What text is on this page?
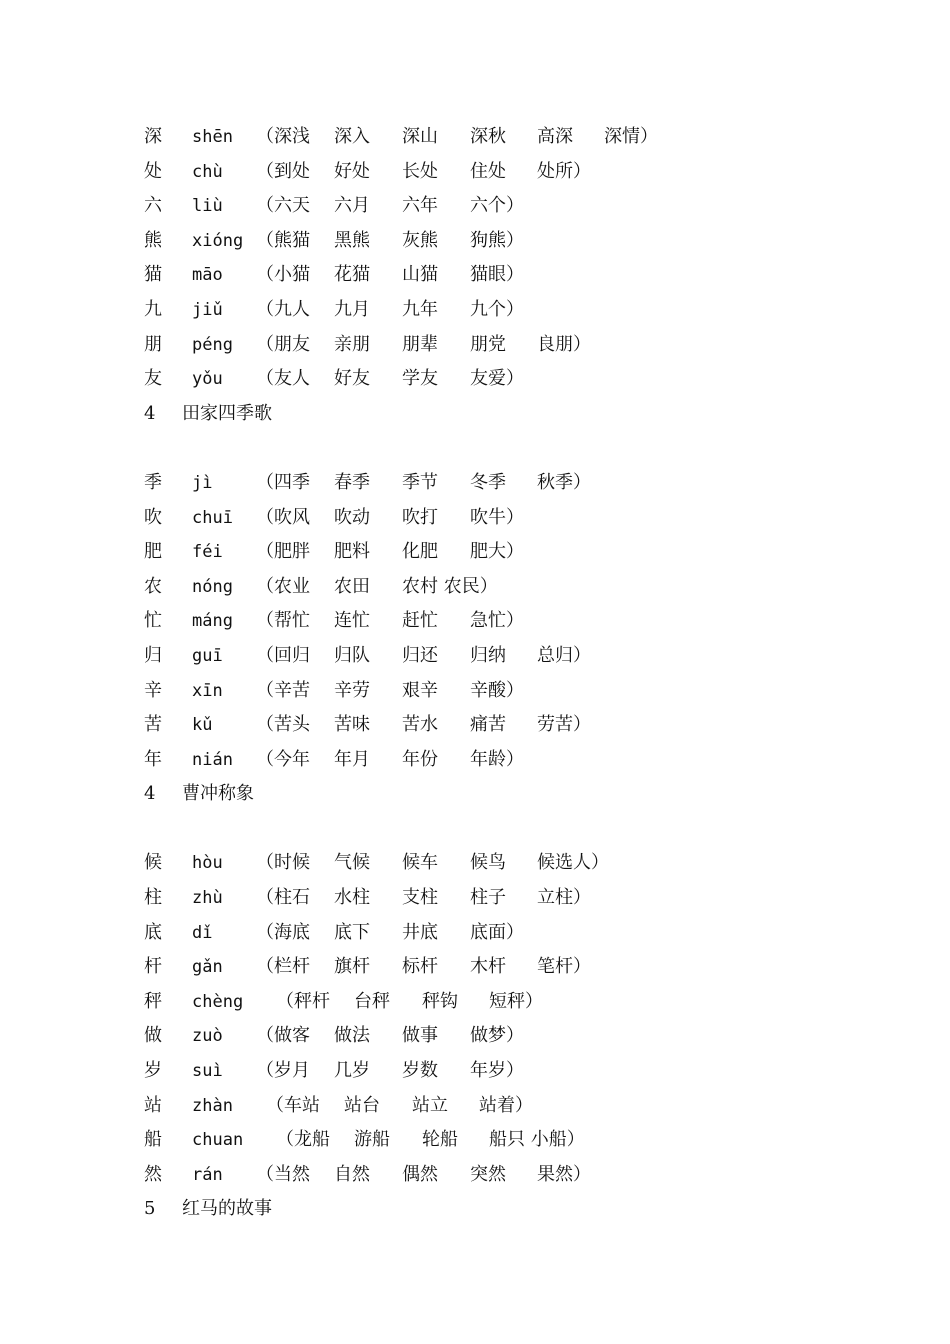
深 shēn （深浅 深入 深山 深秋 高深 深情）
处 chù （到处 好处 长处 住处 处所）
六 liù （六天 六月 六年 六个）
熊 xióng （熊猫 黑熊 灰熊 狗熊）
猫 māo （小猫 花猫 山猫 猫眼）
九 jiǔ （九人 九月 九年 九个）
朋 péng （朋友 亲朋 朋辈 朋党 良朋）
友 yǒu （友人 好友 学友 友爱）
4 田家四季歌
季 jì （四季 春季 季节 冬季 秋季）
吹 chuī （吹风 吹动 吹打 吹牛）
肥 féi （肥胖 肥料 化肥 肥大）
农 nóng （农业 农田 农村 农民）
忙 máng （帮忙 连忙 赶忙 急忙）
归 guī （回归 归队 归还 归纳 总归）
辛 xīn （辛苦 辛劳 艰辛 辛酸）
苦 kǔ （苦头 苦味 苦水 痛苦 劳苦）
年 nián （今年 年月 年份 年龄）
4 曹冲称象
候 hòu （时候 气候 候车 候鸟 候选人）
柱 zhù （柱石 水柱 支柱 柱子 立柱）
底 dǐ （海底 底下 井底 底面）
杆 gǎn （栏杆 旗杆 标杆 木杆 笔杆）
秤 chèng （秤杆 台秤 秤钩 短秤）
做 zuò （做客 做法 做事 做梦）
岁 suì （岁月 几岁 岁数 年岁）
站 zhàn （车站 站台 站立 站着）
船 chuan （龙船 游船 轮船 船只 小船）
然 rán （当然 自然 偶然 突然 果然）
5 红马的故事
